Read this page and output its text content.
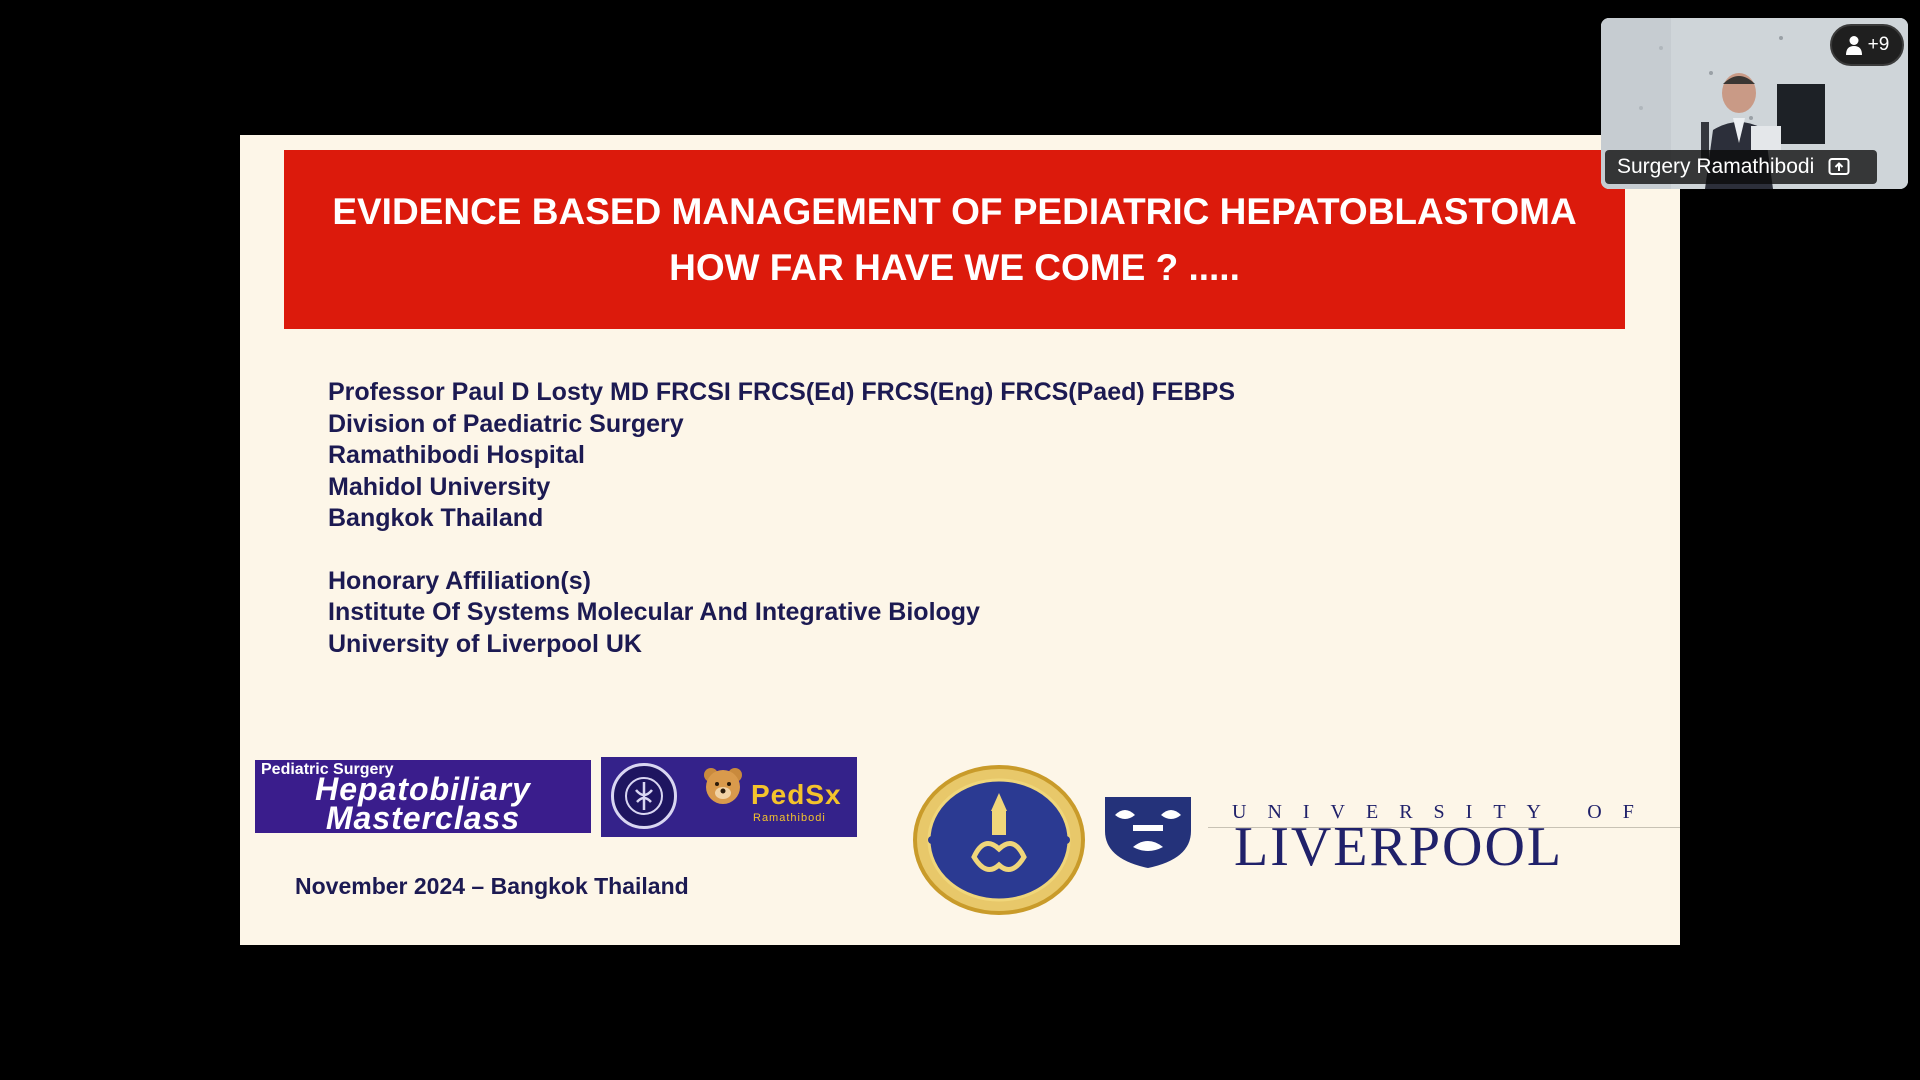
EVIDENCE BASED MANAGEMENT OF PEDIATRIC HEPATOBLASTOMA
HOW FAR HAVE WE COME ? .....
Professor Paul D Losty MD FRCSI FRCS(Ed) FRCS(Eng) FRCS(Paed) FEBPS
Division of Paediatric Surgery
Ramathibodi Hospital
Mahidol University
Bangkok Thailand
Honorary Affiliation(s)
Institute Of Systems Molecular And Integrative Biology
University of Liverpool UK
Pediatric Surgery
Hepatobiliary
Masterclass
PedSx
Ramathibodi
November 2024 – Bangkok Thailand
UNIVERSITY OF
LIVERPOOL
+9
Surgery Ramathibodi
